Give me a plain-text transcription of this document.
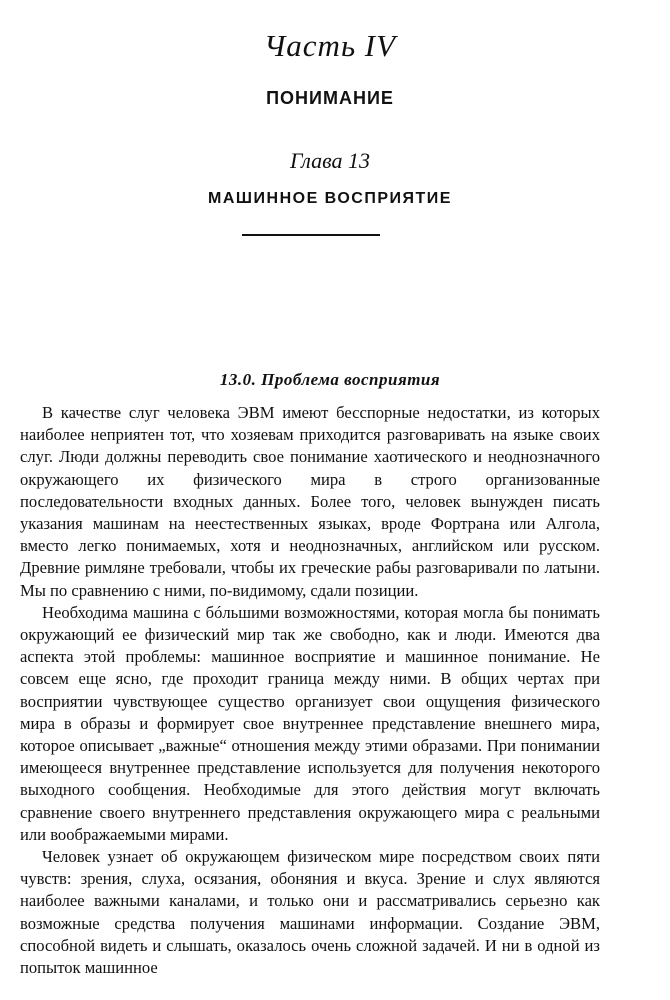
Часть IV
ПОНИМАНИЕ
Глава 13
МАШИННОЕ ВОСПРИЯТИЕ
13.0. Проблема восприятия

В качестве слуг человека ЭВМ имеют бесспорные недостатки, из которых наиболее неприятен тот, что хозяевам приходится разговаривать на языке своих слуг. Люди должны переводить свое понимание хаотического и неоднозначного окружающего их физического мира в строго организованные последовательности входных данных. Более того, человек вынужден писать указания машинам на неестественных языках, вроде Фортрана или Алгола, вместо легко понимаемых, хотя и неоднозначных, английском или русском. Древние римляне требовали, чтобы их греческие рабы разговаривали по латыни. Мы по сравнению с ними, по-видимому, сдали позиции.

Необходима машина с бóльшими возможностями, которая могла бы понимать окружающий ее физический мир так же свободно, как и люди. Имеются два аспекта этой проблемы: машинное восприятие и машинное понимание. Не совсем еще ясно, где проходит граница между ними. В общих чертах при восприятии чувствующее существо организует свои ощущения физического мира в образы и формирует свое внутреннее представление внешнего мира, которое описывает „важные“ отношения между этими образами. При понимании имеющееся внутреннее представление используется для получения некоторого выходного сообщения. Необходимые для этого действия могут включать сравнение своего внутреннего представления окружающего мира с реальными или воображаемыми мирами.

Человек узнает об окружающем физическом мире посредством своих пяти чувств: зрения, слуха, осязания, обоняния и вкуса. Зрение и слух являются наиболее важными каналами, и только они и рассматривались серьезно как возможные средства получения машинами информации. Создание ЭВМ, способной видеть и слышать, оказалось очень сложной задачей. И ни в одной из попыток машинное
